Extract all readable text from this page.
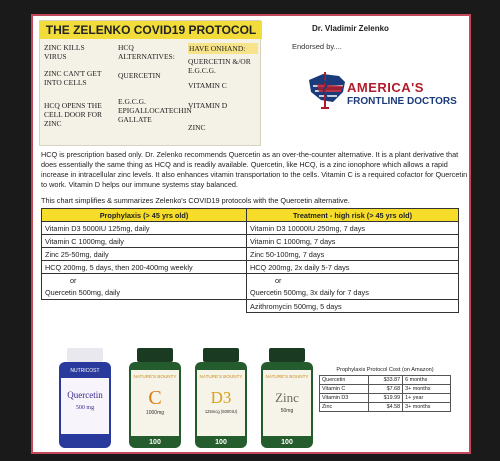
THE ZELENKO COVID19 PROTOCOL
ZINC KILLS VIRUS
ZINC CAN'T GET INTO CELLS
HCQ OPENS THE CELL DOOR FOR ZINC
HCQ ALTERNATIVES:
QUERCETIN
E.G.C.G. EPIGALLOCATECHIN GALLATE
HAVE ONHAND:
QUERCETIN &/OR E.G.C.G.
VITAMIN C
VITAMIN D
ZINC
Dr. Vladimir Zelenko
Endorsed by....
AMERICA'S
FRONTLINE DOCTORS
HCQ is prescription based only. Dr. Zelenko recommends Quercetin as an over-the-counter alternative. It is a plant derivative that does essentially the same thing as HCQ and is readily available. Quercetin, like HCQ, is a zinc ionophore which allows a rapid increase in intracellular zinc levels. It also enhances vitamin transportation to the cells. Vitamin C is a required cofactor for Quercetin to work. Vitamin D helps our immune systems stay balanced.
This chart simplifies & summarizes Zelenko's COVID19 protocols with the Quercetin alternative.
Prophylaxis (> 45 yrs old)	Treatment - high risk (> 45 yrs old)
Vitamin D3 5000IU 125mg, daily	Vitamin D3 10000IU 250mg, 7 days
Vitamin C 1000mg, daily	Vitamin C 1000mg, 7 days
Zinc 25-50mg, daily	Zinc 50-100mg, 7 days
HCQ 200mg, 5 days, then 200-400mg weekly	HCQ 200mg, 2x daily 5-7 days
or	or
Quercetin 500mg, daily	Quercetin 500mg, 3x daily for 7 days
	Azithromycin 500mg, 5 days
NUTRICOST
Quercetin
500 mg
NATURE'S BOUNTY
C
1000mg
100
NATURE'S BOUNTY
D3
125mcg (5000IU)
100
NATURE'S BOUNTY
Zinc
50mg
100
Prophylaxis Protocol Cost (on Amazon)		
Quercetin	$33.87	6 months
Vitamin C	$7.68	3+ months
Vitamin D3	$19.99	1+ year
Zinc	$4.58	3+ months
